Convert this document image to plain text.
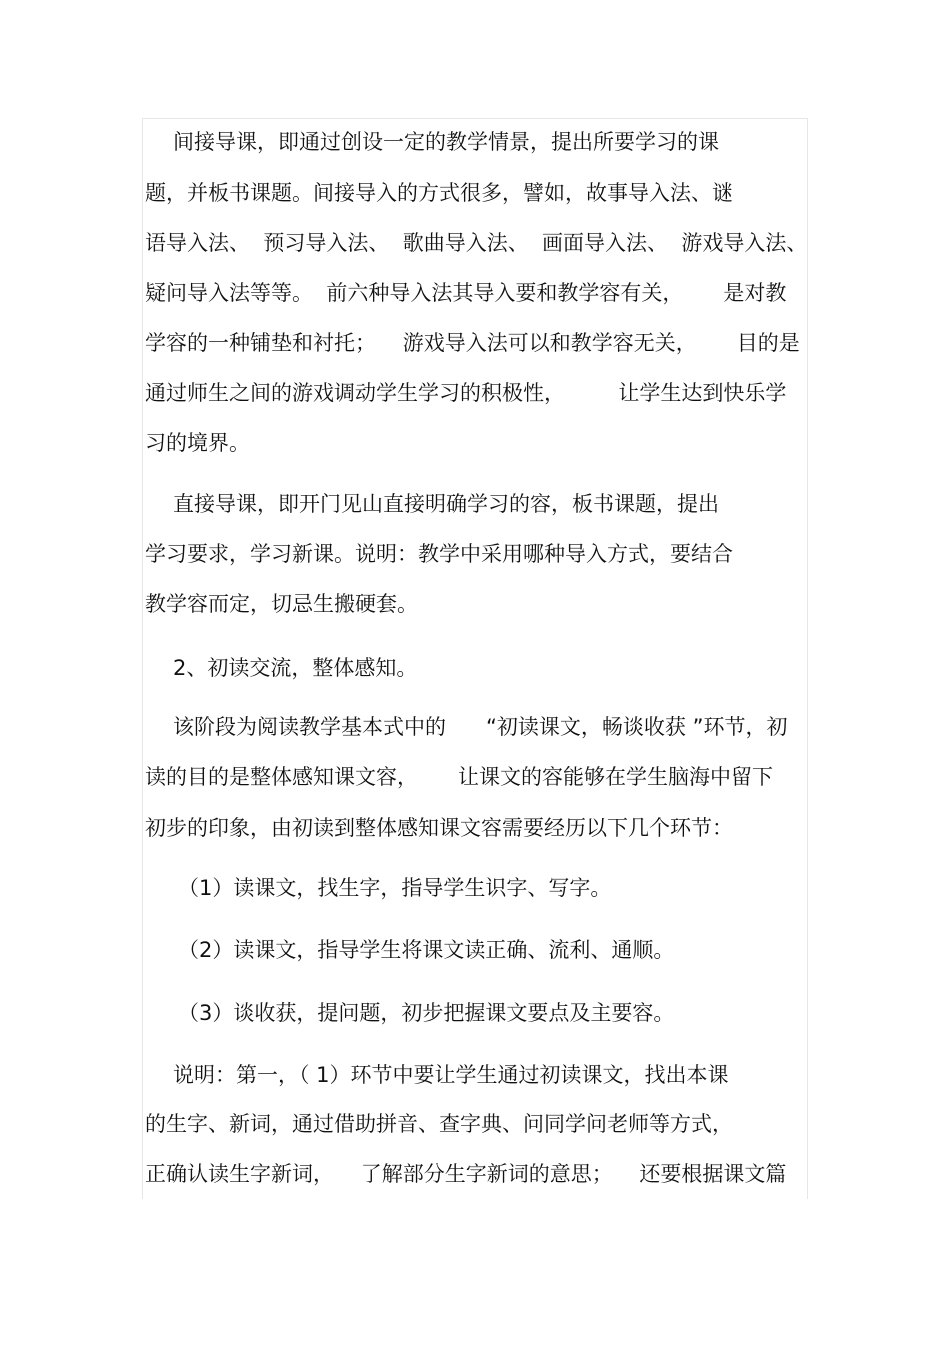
间接导课，即通过创设一定的教学情景，提出所要学习的课
题，并板书课题。间接导入的方式很多，譬如，故事导入法、谜
语导入法、  预习导入法、  歌曲导入法、  画面导入法、  游戏导入法、
疑问导入法等等。  前六种导入法其导入要和教学容有关，      是对教
学容的一种铺垫和衬托；    游戏导入法可以和教学容无关，      目的是
通过师生之间的游戏调动学生学习的积极性，        让学生达到快乐学
习的境界。
直接导课，即开门见山直接明确学习的容，板书课题，提出
学习要求，学习新课。说明：教学中采用哪种导入方式，要结合
教学容而定，切忌生搬硬套。
2、初读交流，整体感知。
该阶段为阅读教学基本式中的      “初读课文，畅谈收获 ”环节，初
读的目的是整体感知课文容，      让课文的容能够在学生脑海中留下
初步的印象，由初读到整体感知课文容需要经历以下几个环节：
（1）读课文，找生字，指导学生识字、写字。
（2）读课文，指导学生将课文读正确、流利、通顺。
（3）谈收获，提问题，初步把握课文要点及主要容。
说明：第一，（ 1）环节中要让学生通过初读课文，找出本课
的生字、新词，通过借助拼音、查字典、问同学问老师等方式，
正确认读生字新词，    了解部分生字新词的意思；    还要根据课文篇
